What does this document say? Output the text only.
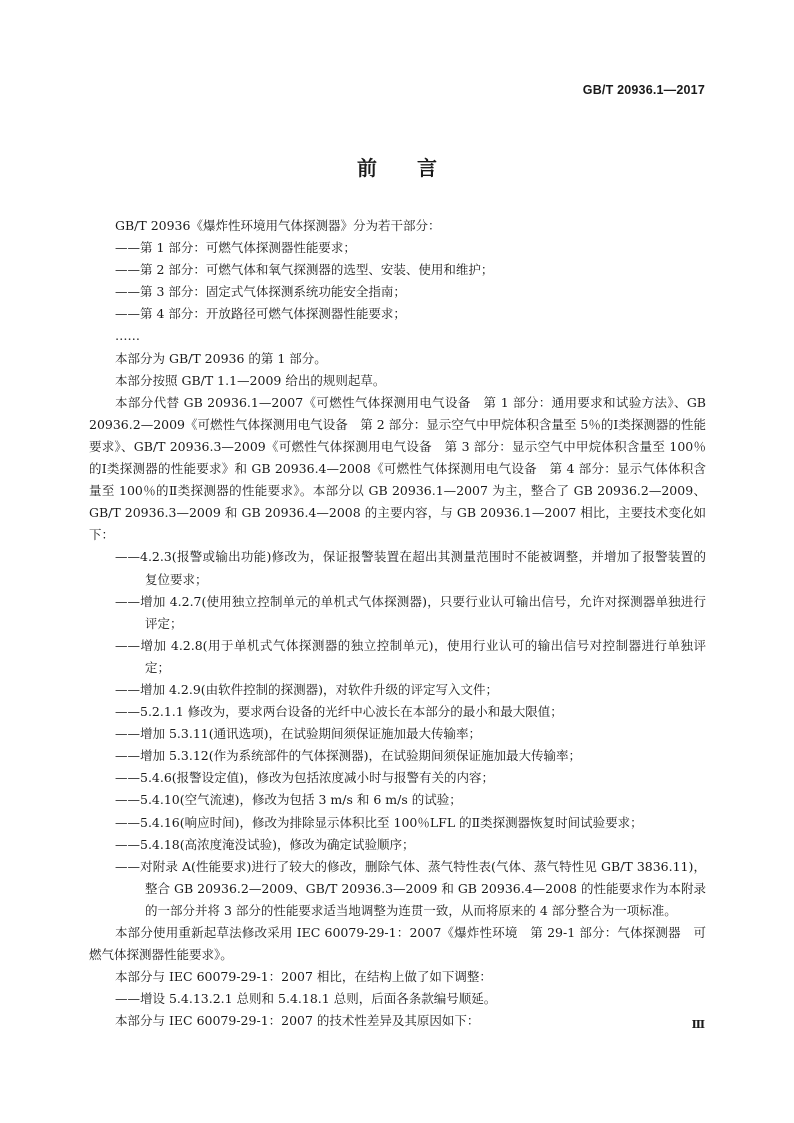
GB/T 20936.1—2017
前言

GB/T 20936《爆炸性环境用气体探测器》分为若干部分：

——第 1 部分：可燃气体探测器性能要求；

——第 2 部分：可燃气体和氧气探测器的选型、安装、使用和维护；

——第 3 部分：固定式气体探测系统功能安全指南；

——第 4 部分：开放路径可燃气体探测器性能要求；

……

本部分为 GB/T 20936 的第 1 部分。

本部分按照 GB/T 1.1—2009 给出的规则起草。

本部分代替 GB 20936.1—2007《可燃性气体探测用电气设备　第 1 部分：通用要求和试验方法》、GB 20936.2—2009《可燃性气体探测用电气设备　第 2 部分：显示空气中甲烷体积含量至 5％的Ⅰ类探测器的性能要求》、GB/T 20936.3—2009《可燃性气体探测用电气设备　第 3 部分：显示空气中甲烷体积含量至 100％的Ⅰ类探测器的性能要求》和 GB 20936.4—2008《可燃性气体探测用电气设备　第 4 部分：显示气体体积含量至 100％的Ⅱ类探测器的性能要求》。本部分以 GB 20936.1—2007 为主，整合了 GB 20936.2—2009、GB/T 20936.3—2009 和 GB 20936.4—2008 的主要内容，与 GB 20936.1—2007 相比，主要技术变化如下：

——4.2.3(报警或输出功能)修改为，保证报警装置在超出其测量范围时不能被调整，并增加了报警装置的复位要求；

——增加 4.2.7(使用独立控制单元的单机式气体探测器)，只要行业认可输出信号，允许对探测器单独进行评定；

——增加 4.2.8(用于单机式气体探测器的独立控制单元)，使用行业认可的输出信号对控制器进行单独评定；

——增加 4.2.9(由软件控制的探测器)，对软件升级的评定写入文件；

——5.2.1.1 修改为，要求两台设备的光纤中心波长在本部分的最小和最大限值；

——增加 5.3.11(通讯选项)，在试验期间须保证施加最大传输率；

——增加 5.3.12(作为系统部件的气体探测器)，在试验期间须保证施加最大传输率；

——5.4.6(报警设定值)，修改为包括浓度减小时与报警有关的内容；

——5.4.10(空气流速)，修改为包括 3 m/s 和 6 m/s 的试验；

——5.4.16(响应时间)，修改为排除显示体积比至 100％LFL 的Ⅱ类探测器恢复时间试验要求；

——5.4.18(高浓度淹没试验)，修改为确定试验顺序；

——对附录 A(性能要求)进行了较大的修改，删除气体、蒸气特性表(气体、蒸气特性见 GB/T 3836.11)，整合 GB 20936.2—2009、GB/T 20936.3—2009 和 GB 20936.4—2008 的性能要求作为本附录的一部分并将 3 部分的性能要求适当地调整为连贯一致，从而将原来的 4 部分整合为一项标准。

本部分使用重新起草法修改采用 IEC 60079-29-1：2007《爆炸性环境　第 29-1 部分：气体探测器　可燃气体探测器性能要求》。

本部分与 IEC 60079-29-1：2007 相比，在结构上做了如下调整：

——增设 5.4.13.2.1 总则和 5.4.18.1 总则，后面各条款编号顺延。

本部分与 IEC 60079-29-1：2007 的技术性差异及其原因如下：	Ⅲ
